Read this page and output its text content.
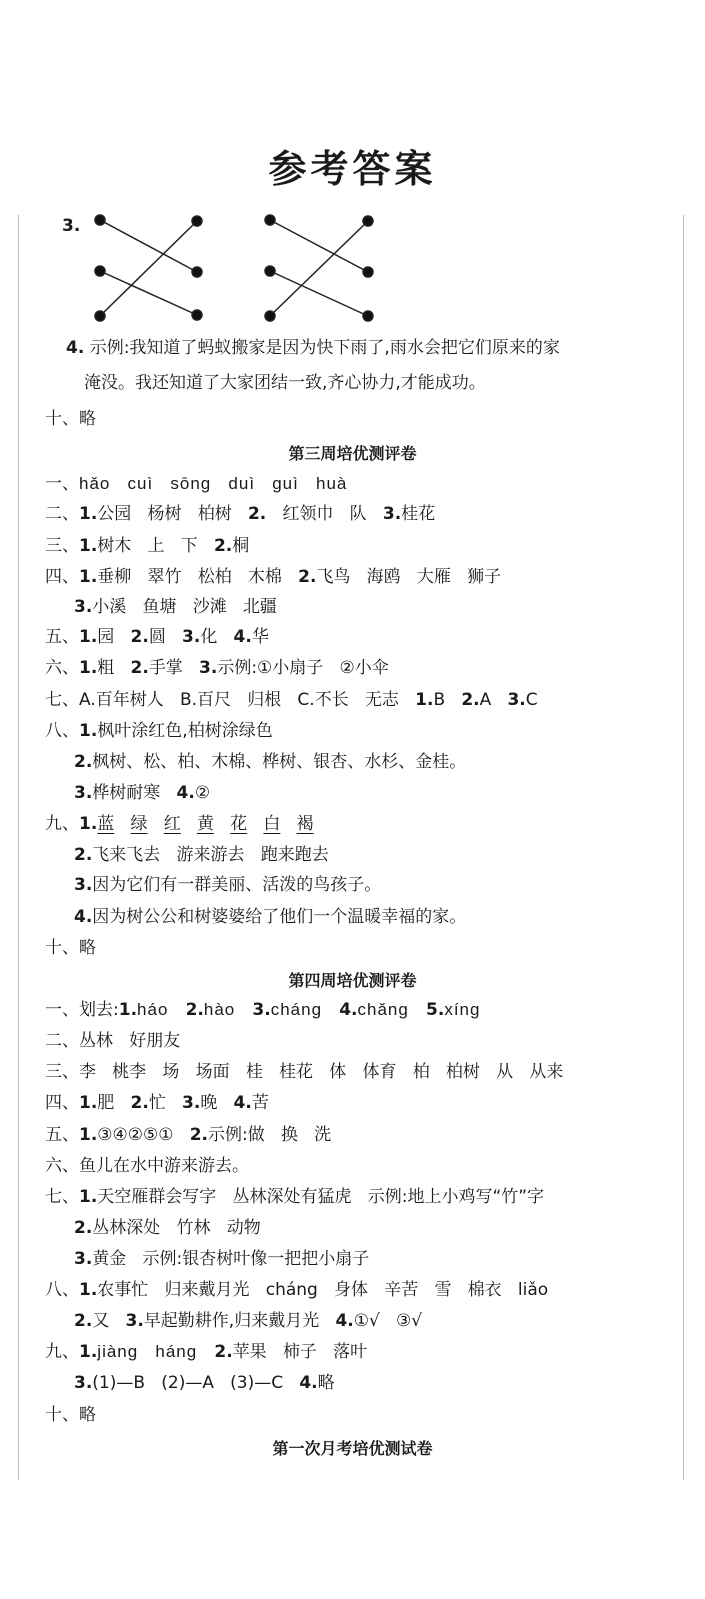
参考答案
3.
4. 示例:我知道了蚂蚁搬家是因为快下雨了,雨水会把它们原来的家
淹没。我还知道了大家团结一致,齐心协力,才能成功。
十、略
第三周培优测评卷
一、hǎo   cuì   sōng   duì   guì   huà
二、1.公园   杨树   柏树   2.   红领巾   队   3.桂花
三、1.树木   上   下   2.桐
四、1.垂柳   翠竹   松柏   木棉   2.飞鸟   海鸥   大雁   狮子
3.小溪   鱼塘   沙滩   北疆
五、1.园   2.圆   3.化   4.华
六、1.粗   2.手掌   3.示例:①小扇子   ②小伞
七、A.百年树人   B.百尺   归根   C.不长   无志   1.B   2.A   3.C
八、1.枫叶涂红色,柏树涂绿色
2.枫树、松、柏、木棉、桦树、银杏、水杉、金桂。
3.桦树耐寒   4.②
九、1.蓝 绿 红 黄 花 白 褐
2.飞来飞去   游来游去   跑来跑去
3.因为它们有一群美丽、活泼的鸟孩子。
4.因为树公公和树婆婆给了他们一个温暖幸福的家。
十、略
第四周培优测评卷
一、划去:1.háo   2.hào   3.cháng   4.chǎng   5.xíng
二、丛林   好朋友
三、李   桃李   场   场面   桂   桂花   体   体育   柏   柏树   从   从来
四、1.肥   2.忙   3.晚   4.苦
五、1.③④②⑤①   2.示例:做   换   洗
六、鱼儿在水中游来游去。
七、1.天空雁群会写字   丛林深处有猛虎   示例:地上小鸡写“竹”字
2.丛林深处   竹林   动物
3.黄金   示例:银杏树叶像一把把小扇子
八、1.农事忙   归来戴月光   cháng   身体   辛苦   雪   棉衣   liǎo
2.又   3.早起勤耕作,归来戴月光   4.①√   ③√
九、1.jiàng   háng   2.苹果   柿子   落叶
3.(1)—B   (2)—A   (3)—C   4.略
十、略
第一次月考培优测试卷
